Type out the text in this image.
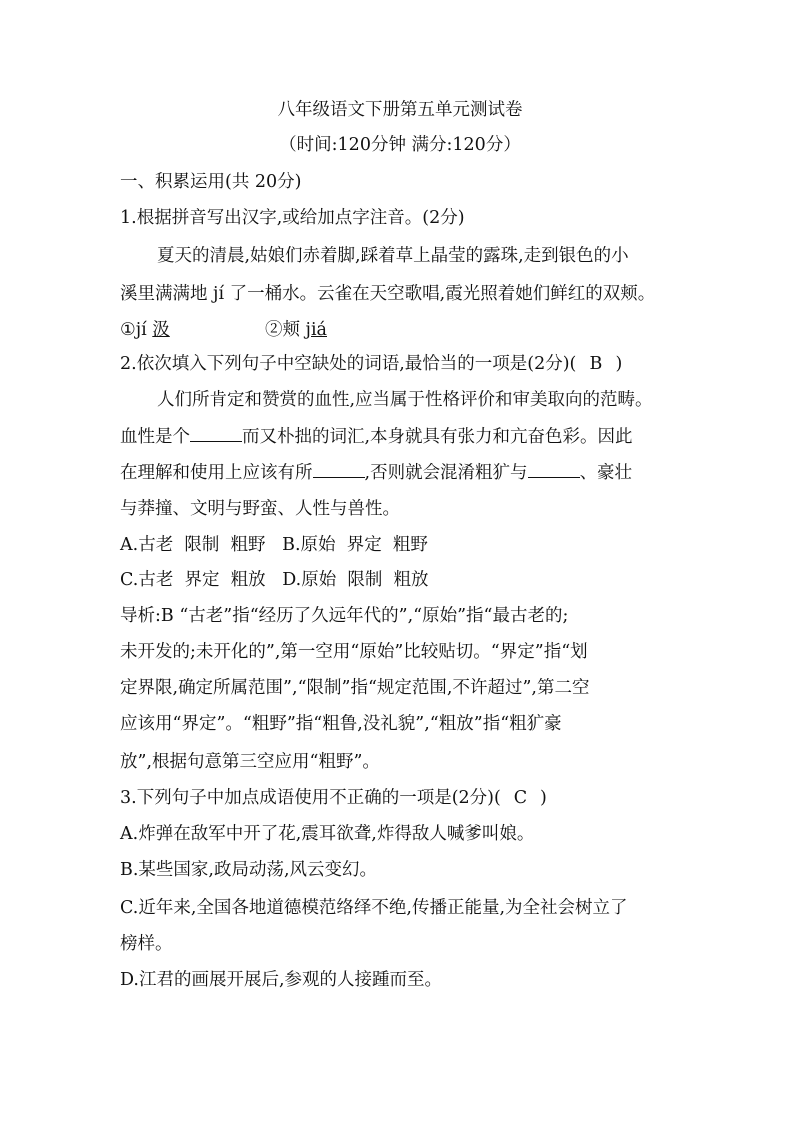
八年级语文下册第五单元测试卷
（时间:120分钟 满分:120分）
一、积累运用(共 20分)
1.根据拼音写出汉字,或给加点字注音。(2分)
夏天的清晨,姑娘们赤着脚,踩着草上晶莹的露珠,走到银色的小
溪里满满地 jí 了一桶水。云雀在天空歌唱,霞光照着她们鲜红的双颊。
①jí 汲	②颊 jiá
2.依次填入下列句子中空缺处的词语,最恰当的一项是(2分)( B )
人们所肯定和赞赏的血性,应当属于性格评价和审美取向的范畴。
血性是个	而又朴拙的词汇,本身就具有张力和亢奋色彩。因此
在理解和使用上应该有所	,否则就会混淆粗犷与	、豪壮
与莽撞、文明与野蛮、人性与兽性。
A.古老  限制  粗野   B.原始  界定  粗野
C.古老  界定  粗放   D.原始  限制  粗放
导析:B “古老”指“经历了久远年代的”,“原始”指“最古老的;
未开发的;未开化的”,第一空用“原始”比较贴切。“界定”指“划
定界限,确定所属范围”,“限制”指“规定范围,不许超过”,第二空
应该用“界定”。“粗野”指“粗鲁,没礼貌”,“粗放”指“粗犷豪
放”,根据句意第三空应用“粗野”。
3.下列句子中加点成语使用不正确的一项是(2分)( C )
A.炸弹在敌军中开了花,震耳欲聋,炸得敌人喊爹叫娘。
B.某些国家,政局动荡,风云变幻。
C.近年来,全国各地道德模范络绎不绝,传播正能量,为全社会树立了
榜样。
D.江君的画展开展后,参观的人接踵而至。
